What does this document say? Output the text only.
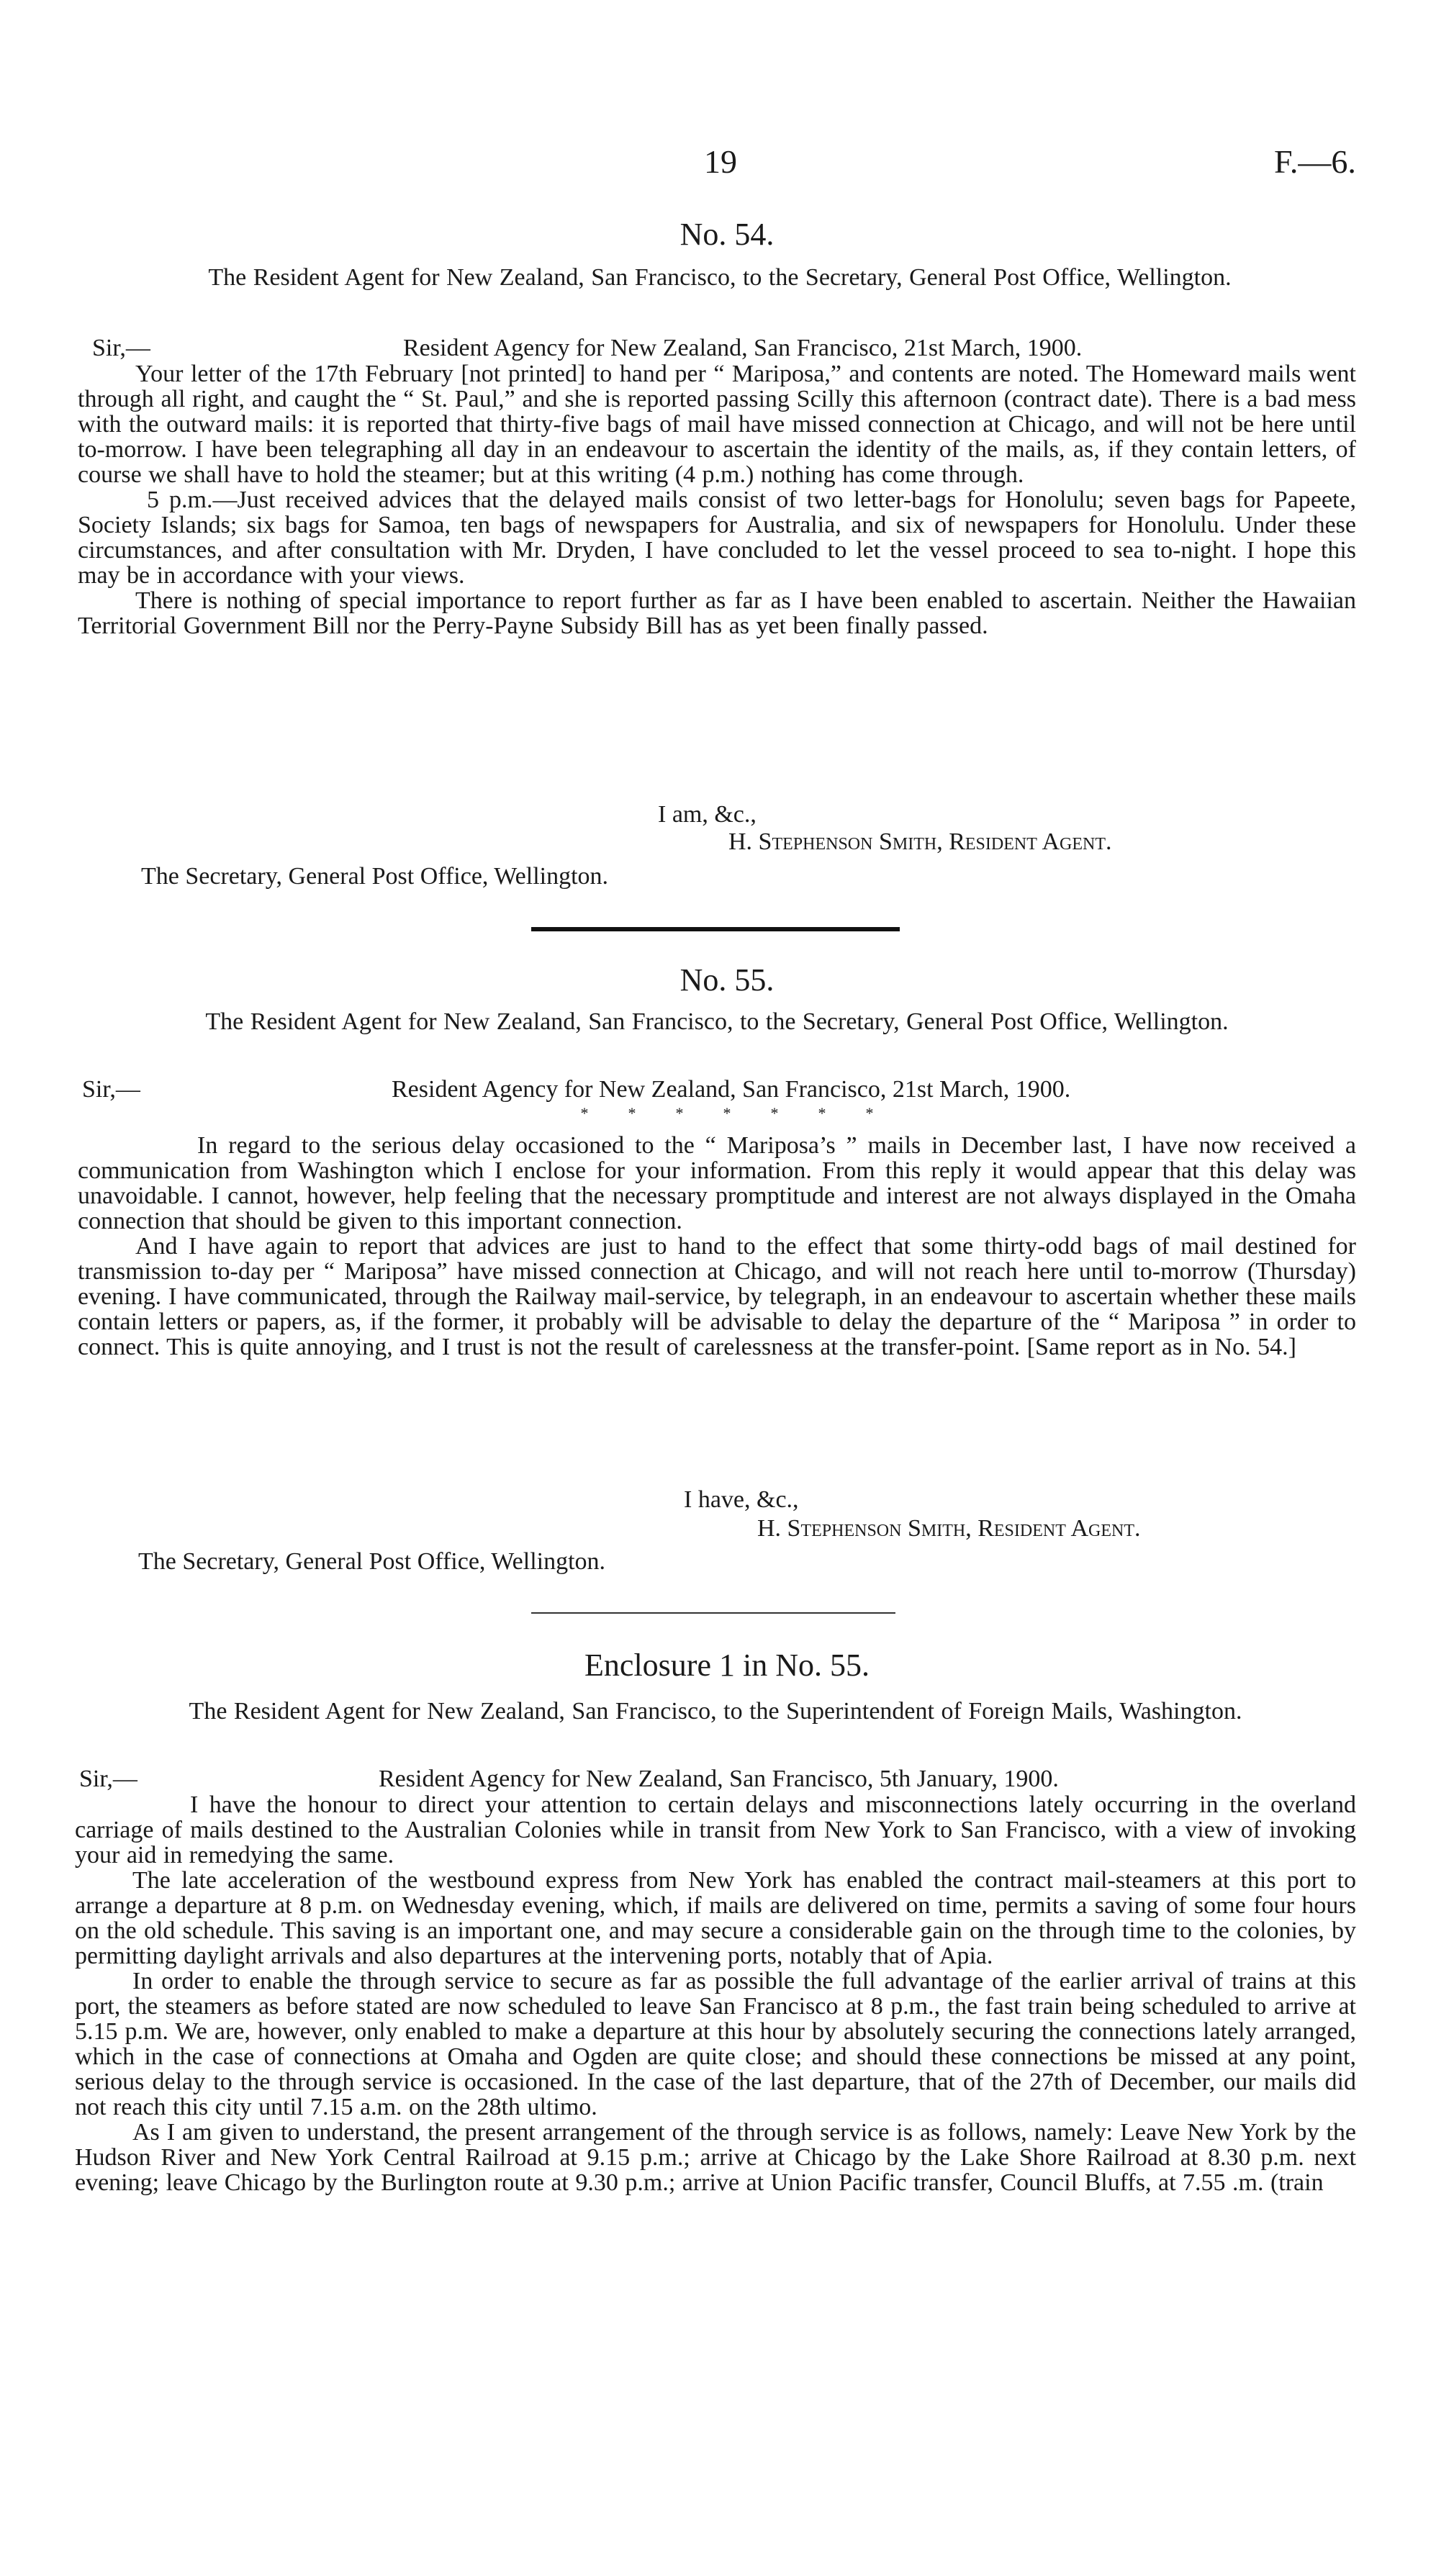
19	F.—6.
No. 54.
The Resident Agent for New Zealand, San Francisco, to the Secretary, General Post Office, Wellington.
Sir,—	Resident Agency for New Zealand, San Francisco, 21st March, 1900.

Your letter of the 17th February [not printed] to hand per “ Mariposa,” and contents are noted. The Homeward mails went through all right, and caught the “ St. Paul,” and she is reported passing Scilly this afternoon (contract date). There is a bad mess with the outward mails: it is reported that thirty-five bags of mail have missed connection at Chicago, and will not be here until to-morrow. I have been telegraphing all day in an endeavour to ascertain the identity of the mails, as, if they contain letters, of course we shall have to hold the steamer; but at this writing (4 p.m.) nothing has come through.

5 p.m.—Just received advices that the delayed mails consist of two letter-bags for Honolulu; seven bags for Papeete, Society Islands; six bags for Samoa, ten bags of newspapers for Australia, and six of newspapers for Honolulu. Under these circumstances, and after consultation with Mr. Dryden, I have concluded to let the vessel proceed to sea to-night. I hope this may be in accordance with your views.

There is nothing of special importance to report further as far as I have been enabled to ascertain. Neither the Hawaiian Territorial Government Bill nor the Perry-Payne Subsidy Bill has as yet been finally passed.

I am, &c.,
H. Stephenson Smith, Resident Agent.
The Secretary, General Post Office, Wellington.
No. 55.
The Resident Agent for New Zealand, San Francisco, to the Secretary, General Post Office, Wellington.
Sir,—	Resident Agency for New Zealand, San Francisco, 21st March, 1900.
*          *          *          *          *          *          *

In regard to the serious delay occasioned to the “ Mariposa’s ” mails in December last, I have now received a communication from Washington which I enclose for your information. From this reply it would appear that this delay was unavoidable. I cannot, however, help feeling that the necessary promptitude and interest are not always displayed in the Omaha connection that should be given to this important connection.

And I have again to report that advices are just to hand to the effect that some thirty-odd bags of mail destined for transmission to-day per “ Mariposa” have missed connection at Chicago, and will not reach here until to-morrow (Thursday) evening. I have communicated, through the Railway mail-service, by telegraph, in an endeavour to ascertain whether these mails contain letters or papers, as, if the former, it probably will be advisable to delay the departure of the “ Mariposa ” in order to connect. This is quite annoying, and I trust is not the result of carelessness at the transfer-point. [Same report as in No. 54.]

I have, &c.,
H. Stephenson Smith, Resident Agent.
The Secretary, General Post Office, Wellington.
Enclosure 1 in No. 55.
The Resident Agent for New Zealand, San Francisco, to the Superintendent of Foreign Mails, Washington.
Sir,—	Resident Agency for New Zealand, San Francisco, 5th January, 1900.

I have the honour to direct your attention to certain delays and misconnections lately occurring in the overland carriage of mails destined to the Australian Colonies while in transit from New York to San Francisco, with a view of invoking your aid in remedying the same.

The late acceleration of the westbound express from New York has enabled the contract mail-steamers at this port to arrange a departure at 8 p.m. on Wednesday evening, which, if mails are delivered on time, permits a saving of some four hours on the old schedule. This saving is an important one, and may secure a considerable gain on the through time to the colonies, by permitting daylight arrivals and also departures at the intervening ports, notably that of Apia.

In order to enable the through service to secure as far as possible the full advantage of the earlier arrival of trains at this port, the steamers as before stated are now scheduled to leave San Francisco at 8 p.m., the fast train being scheduled to arrive at 5.15 p.m. We are, however, only enabled to make a departure at this hour by absolutely securing the connections lately arranged, which in the case of connections at Omaha and Ogden are quite close; and should these connections be missed at any point, serious delay to the through service is occasioned. In the case of the last departure, that of the 27th of December, our mails did not reach this city until 7.15 a.m. on the 28th ultimo.

As I am given to understand, the present arrangement of the through service is as follows, namely: Leave New York by the Hudson River and New York Central Railroad at 9.15 p.m.; arrive at Chicago by the Lake Shore Railroad at 8.30 p.m. next evening; leave Chicago by the Burlington route at 9.30 p.m.; arrive at Union Pacific transfer, Council Bluffs, at 7.55 .m. (train
